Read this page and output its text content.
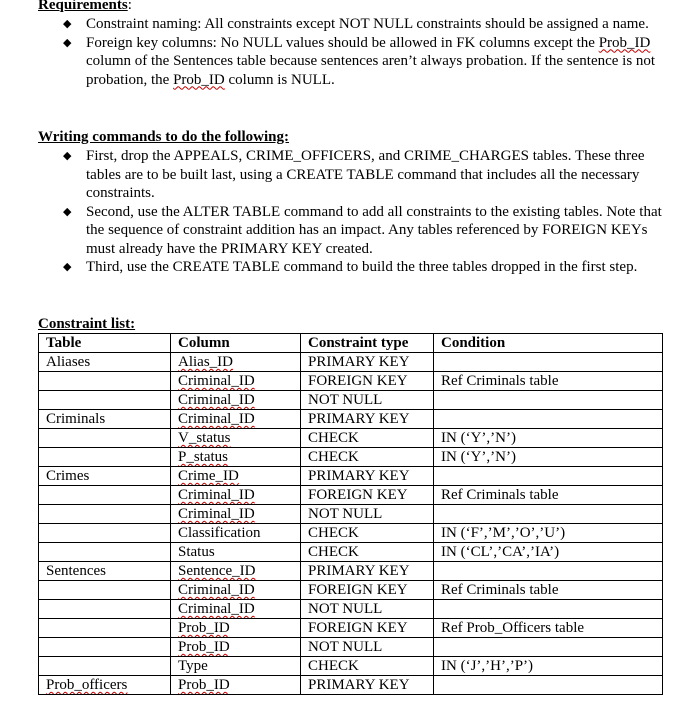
Requirements:
◆ Constraint naming: All constraints except NOT NULL constraints should be assigned a name.
◆ Foreign key columns: No NULL values should be allowed in FK columns except the Prob_ID column of the Sentences table because sentences aren’t always probation. If the sentence is not probation, the Prob_ID column is NULL.
Writing commands to do the following:
◆ First, drop the APPEALS, CRIME_OFFICERS, and CRIME_CHARGES tables. These three tables are to be built last, using a CREATE TABLE command that includes all the necessary constraints.
◆ Second, use the ALTER TABLE command to add all constraints to the existing tables. Note that the sequence of constraint addition has an impact. Any tables referenced by FOREIGN KEYs must already have the PRIMARY KEY created.
◆ Third, use the CREATE TABLE command to build the three tables dropped in the first step.
Constraint list:
Table	Column	Constraint type	Condition
Aliases	Alias_ID	PRIMARY KEY	
	Criminal_ID	FOREIGN KEY	Ref Criminals table
	Criminal_ID	NOT NULL	
Criminals	Criminal_ID	PRIMARY KEY	
	V_status	CHECK	IN (‘Y’,’N’)
	P_status	CHECK	IN (‘Y’,’N’)
Crimes	Crime_ID	PRIMARY KEY	
	Criminal_ID	FOREIGN KEY	Ref Criminals table
	Criminal_ID	NOT NULL	
	Classification	CHECK	IN (‘F’,’M’,’O’,’U’)
	Status	CHECK	IN (‘CL’,’CA’,’IA’)
Sentences	Sentence_ID	PRIMARY KEY	
	Criminal_ID	FOREIGN KEY	Ref Criminals table
	Criminal_ID	NOT NULL	
	Prob_ID	FOREIGN KEY	Ref Prob_Officers table
	Prob_ID	NOT NULL	
	Type	CHECK	IN (‘J’,’H’,’P’)
Prob_officers	Prob_ID	PRIMARY KEY	
